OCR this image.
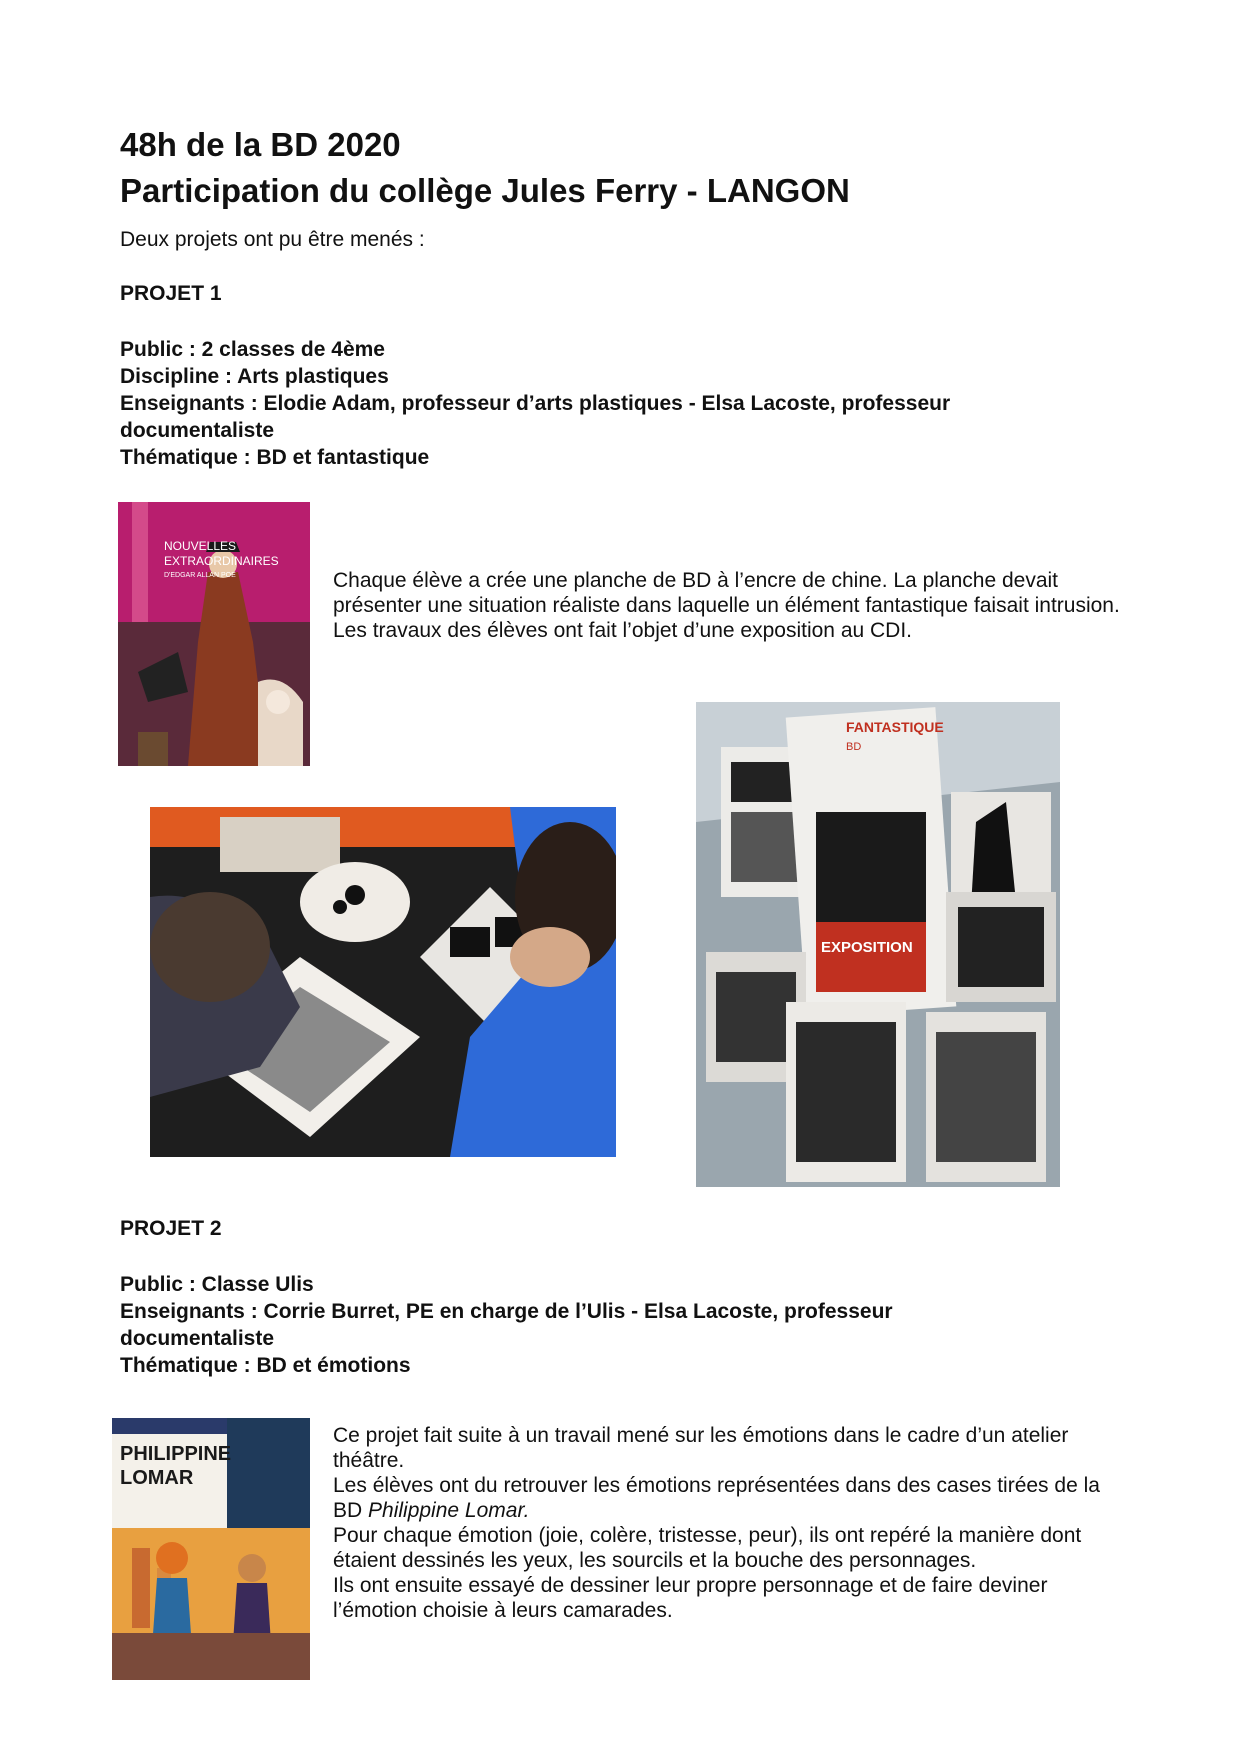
48h de la BD 2020
Participation du collège Jules Ferry - LANGON
Deux projets ont pu être menés :
PROJET 1
Public : 2 classes de 4ème
Discipline : Arts plastiques
Enseignants : Elodie Adam, professeur d’arts plastiques - Elsa Lacoste, professeur
documentaliste
Thématique : BD et fantastique
NOUVELLES
EXTRAORDINAIRES
D'EDGAR ALLAN POE	Chaque élève a crée une planche de BD à l’encre de chine. La planche devait présenter une situation réaliste dans laquelle un élément fantastique faisait intrusion.

Les travaux des élèves ont fait l’objet d’une exposition au CDI.

FANTASTIQUE
BD
EXPOSITION
PROJET 2
Public : Classe Ulis
Enseignants : Corrie Burret, PE en charge de l’Ulis - Elsa Lacoste, professeur
documentaliste
Thématique : BD et émotions
PHILIPPINE
LOMAR

Ce projet fait suite à un travail mené sur les émotions dans le cadre d’un atelier théâtre.

Les élèves ont du retrouver les émotions représentées dans des cases tirées de la BD Philippine Lomar.

Pour chaque émotion (joie, colère, tristesse, peur), ils ont repéré la manière dont étaient dessinés les yeux, les sourcils et la bouche des personnages.

Ils ont ensuite essayé de dessiner leur propre personnage et de faire deviner l’émotion choisie à leurs camarades.
